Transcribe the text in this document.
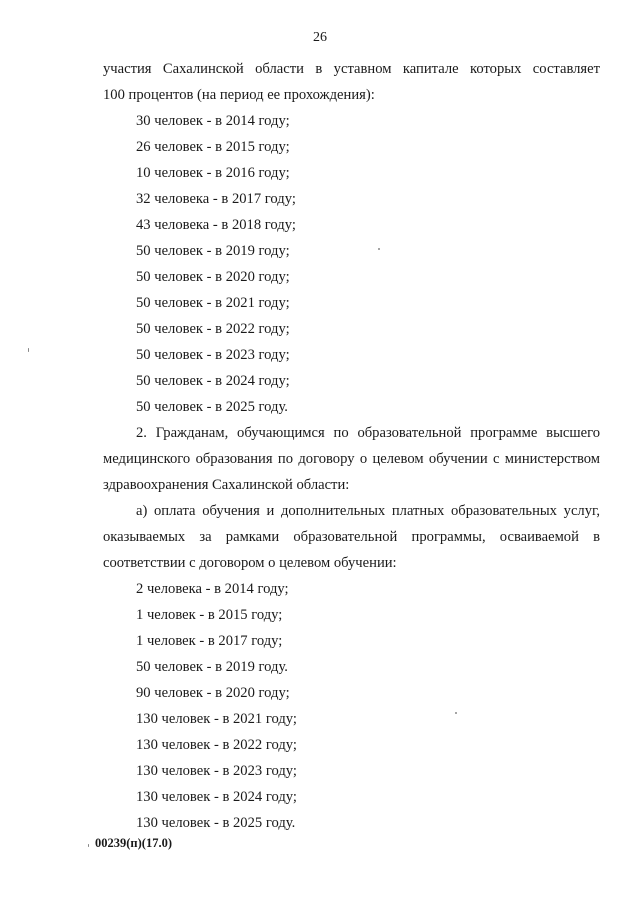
26

участия Сахалинской области в уставном капитале которых составляет

100 процентов (на период ее прохождения):

30 человек - в 2014 году;
26 человек - в 2015 году;
10 человек - в 2016 году;
32 человека - в 2017 году;
43 человека - в 2018 году;
50 человек - в 2019 году;
50 человек - в 2020 году;
50 человек - в 2021 году;
50 человек - в 2022 году;
50 человек - в 2023 году;
50 человек - в 2024 году;
50 человек - в 2025 году.

2. Гражданам, обучающимся по образовательной программе высшего медицинского образования по договору о целевом обучении с министерством здравоохранения Сахалинской области:

а) оплата обучения и дополнительных платных образовательных услуг, оказываемых за рамками образовательной программы, осваиваемой в соответствии с договором о целевом обучении:

2 человека - в 2014 году;
1 человек - в 2015 году;
1 человек - в 2017 году;
50 человек - в 2019 году.
90 человек - в 2020 году;
130 человек - в 2021 году;
130 человек - в 2022 году;
130 человек - в 2023 году;
130 человек - в 2024 году;
130 человек - в 2025 году.
00239(п)(17.0)
